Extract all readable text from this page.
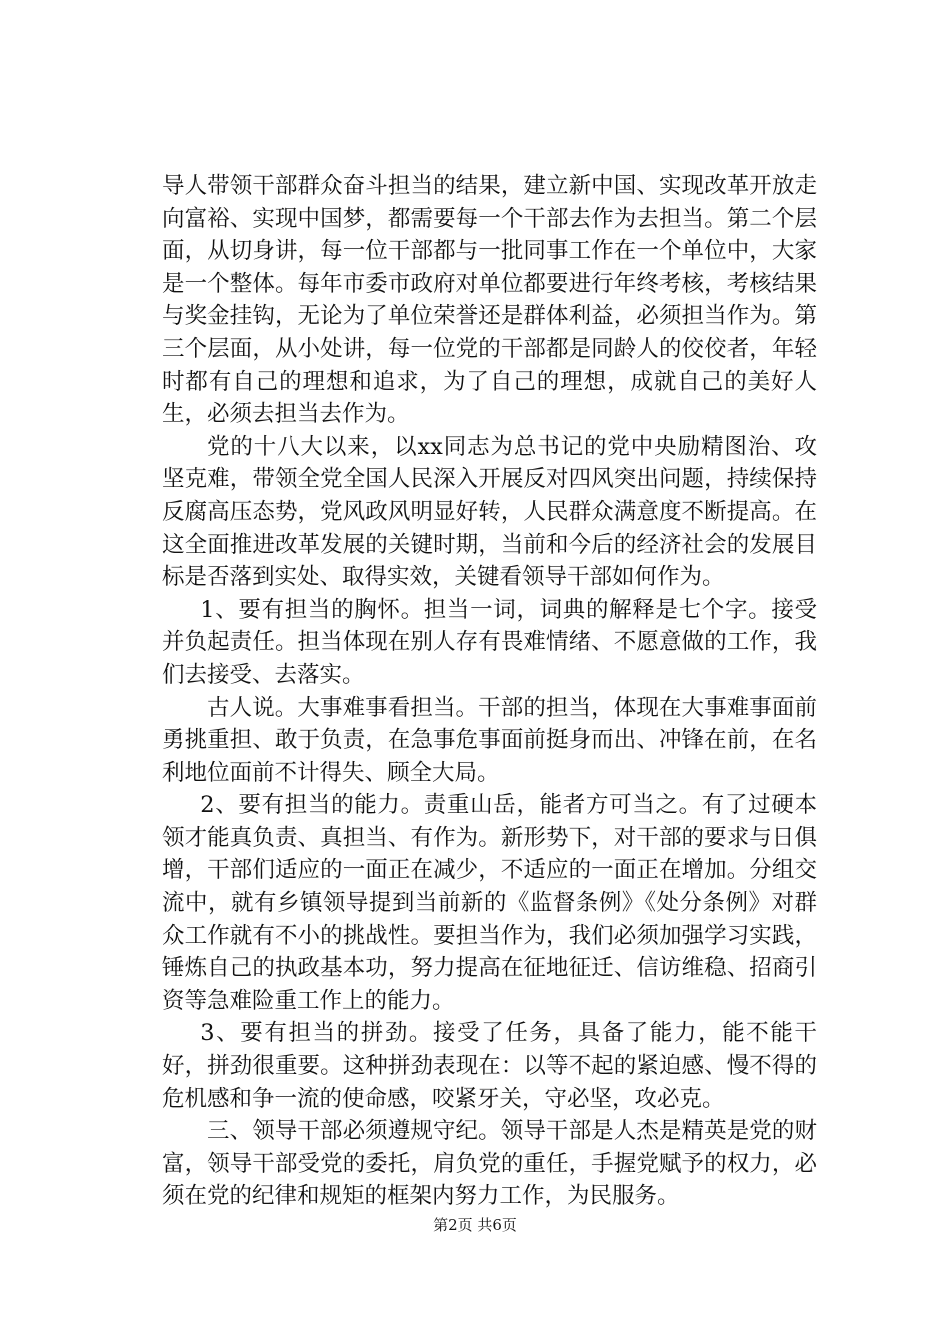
导人带领干部群众奋斗担当的结果，建立新中国、实现改革开放走向富裕、实现中国梦，都需要每一个干部去作为去担当。第二个层面，从切身讲，每一位干部都与一批同事工作在一个单位中，大家是一个整体。每年市委市政府对单位都要进行年终考核，考核结果与奖金挂钩，无论为了单位荣誉还是群体利益，必须担当作为。第三个层面，从小处讲，每一位党的干部都是同龄人的佼佼者，年轻时都有自己的理想和追求，为了自己的理想，成就自己的美好人生，必须去担当去作为。

党的十八大以来，以xx同志为总书记的党中央励精图治、攻坚克难，带领全党全国人民深入开展反对四风突出问题，持续保持反腐高压态势，党风政风明显好转，人民群众满意度不断提高。在这全面推进改革发展的关键时期，当前和今后的经济社会的发展目标是否落到实处、取得实效，关键看领导干部如何作为。

1、要有担当的胸怀。担当一词，词典的解释是七个字。接受并负起责任。担当体现在别人存有畏难情绪、不愿意做的工作，我们去接受、去落实。

古人说。大事难事看担当。干部的担当，体现在大事难事面前勇挑重担、敢于负责，在急事危事面前挺身而出、冲锋在前，在名利地位面前不计得失、顾全大局。

2、要有担当的能力。责重山岳，能者方可当之。有了过硬本领才能真负责、真担当、有作为。新形势下，对干部的要求与日俱增，干部们适应的一面正在减少，不适应的一面正在增加。分组交流中，就有乡镇领导提到当前新的《监督条例》《处分条例》对群众工作就有不小的挑战性。要担当作为，我们必须加强学习实践，锤炼自己的执政基本功，努力提高在征地征迁、信访维稳、招商引资等急难险重工作上的能力。

3、要有担当的拼劲。接受了任务，具备了能力，能不能干好，拼劲很重要。这种拼劲表现在：以等不起的紧迫感、慢不得的危机感和争一流的使命感，咬紧牙关，守必坚，攻必克。

三、领导干部必须遵规守纪。领导干部是人杰是精英是党的财富，领导干部受党的委托，肩负党的重任，手握党赋予的权力，必须在党的纪律和规矩的框架内努力工作，为民服务。

第2页 共6页
